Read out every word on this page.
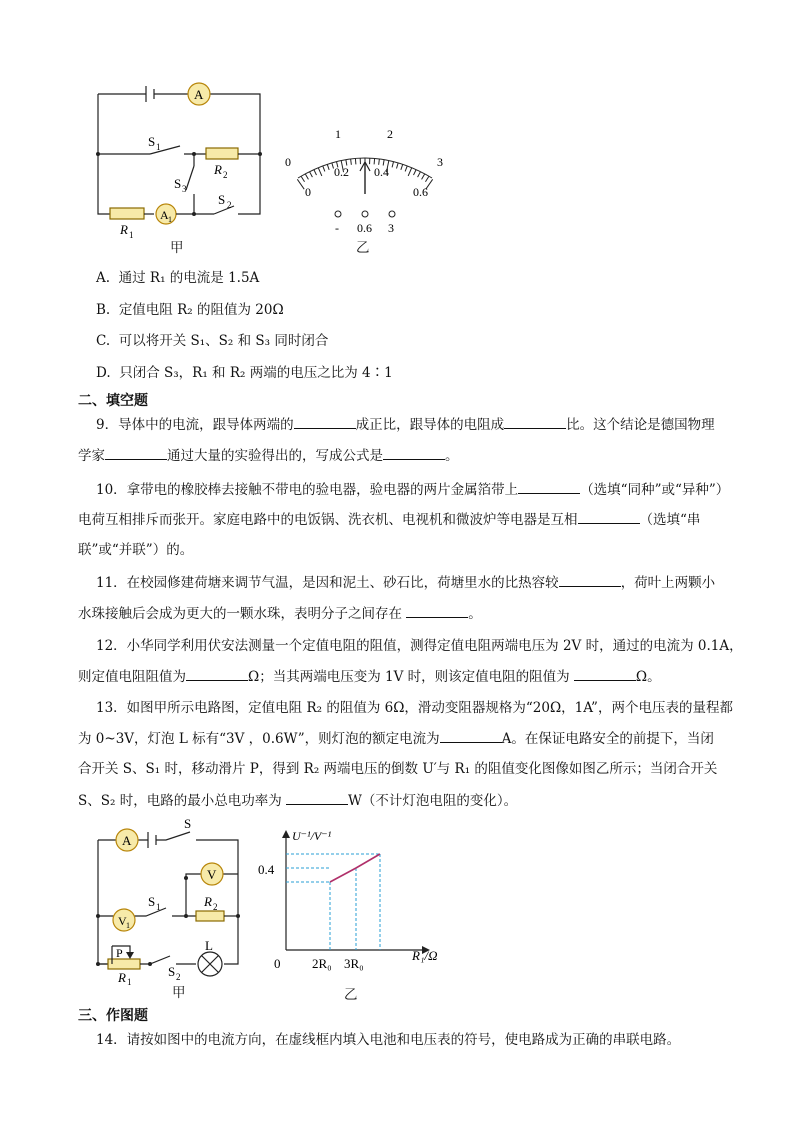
A
A 1
S 1
R 2
S 3
S 2
R 1
甲
0
1	2
3
0
0.2 0.4
0.6
- 0.6 3
乙
A. 通过 R₁ 的电流是 1.5A
B. 定值电阻 R₂ 的阻值为 20Ω
C. 可以将开关 S₁、S₂ 和 S₃ 同时闭合
D. 只闭合 S₃，R₁ 和 R₂ 两端的电压之比为 4∶1
二、填空题
9．导体中的电流，跟导体两端的	成正比，跟导体的电阻成	比。这个结论是德国物理
学家	通过大量的实验得出的，写成公式是	。
10．拿带电的橡胶棒去接触不带电的验电器，验电器的两片金属箔带上	（选填“同种”或“异种”）
电荷互相排斥而张开。家庭电路中的电饭锅、洗衣机、电视机和微波炉等电器是互相	（选填“串
联”或“并联”）的。
11．在校园修建荷塘来调节气温，是因和泥土、砂石比，荷塘里水的比热容较	，荷叶上两颗小
水珠接触后会成为更大的一颗水珠，表明分子之间存在	。
12．小华同学利用伏安法测量一个定值电阻的阻值，测得定值电阻两端电压为 2V 时，通过的电流为 0.1A，
则定值电阻阻值为	Ω；当其两端电压变为 1V 时，则该定值电阻的阻值为	Ω。
13．如图甲所示电路图，定值电阻 R₂ 的阻值为 6Ω，滑动变阻器规格为“20Ω，1A”，两个电压表的量程都
为 0~3V，灯泡 L 标有“3V ，0.6W”，则灯泡的额定电流为	A。在保证电路安全的前提下，当闭
合开关 S、S₁ 时，移动滑片 P，得到 R₂ 两端电压的倒数 U′与 R₁ 的阻值变化图像如图乙所示；当闭合开关
S、S₂ 时，电路的最小总电功率为	W（不计灯泡电阻的变化）。
A
S
V
S 1	R 2
V 1
L
P
R 1
S 2
甲
U⁻¹/V⁻¹
0.4
0 2R₀ 3R₀
R₁/Ω
乙
三、作图题
14．请按如图中的电流方向，在虚线框内填入电池和电压表的符号，使电路成为正确的串联电路。
